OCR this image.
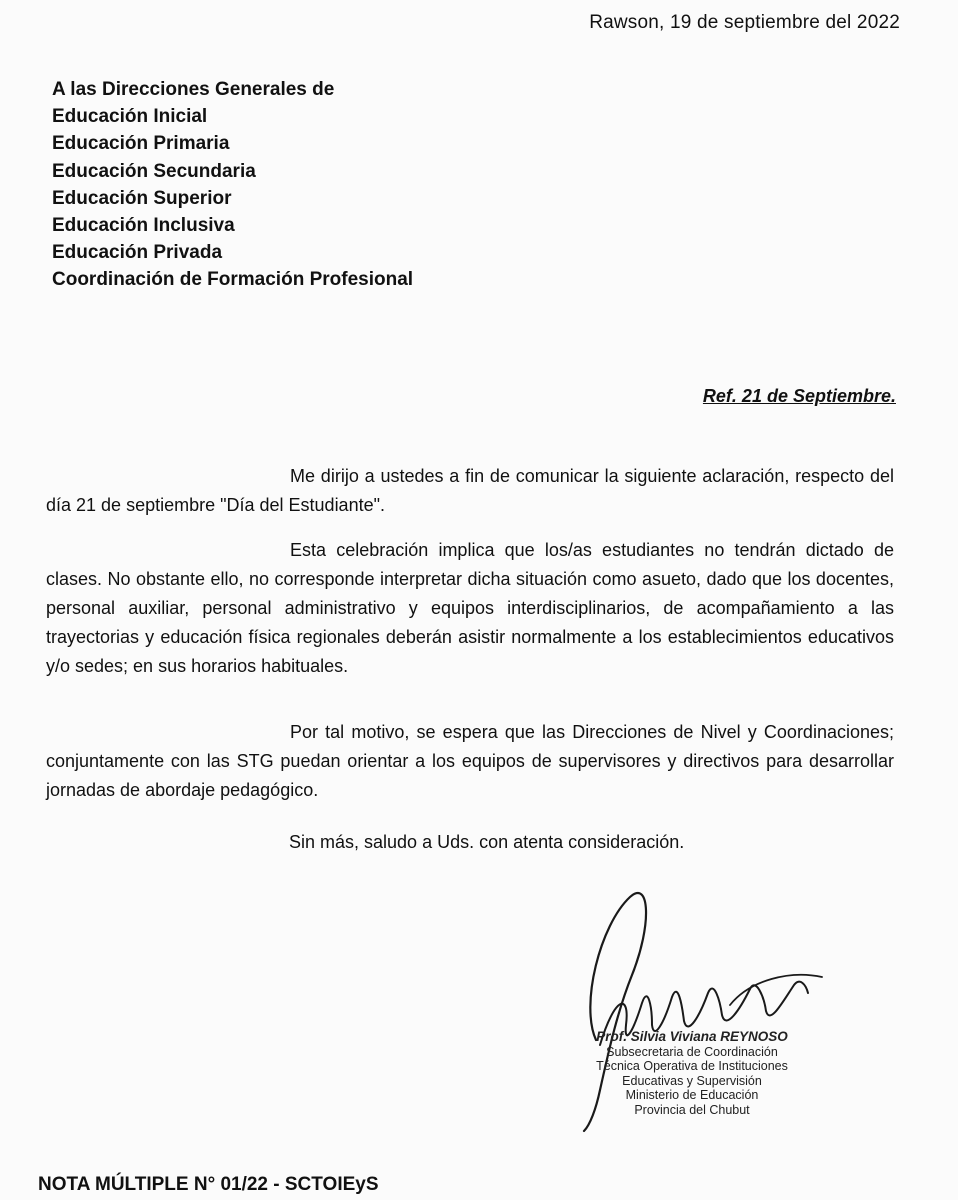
Rawson, 19 de septiembre del 2022
A las Direcciones Generales de
Educación Inicial
Educación Primaria
Educación Secundaria
Educación Superior
Educación Inclusiva
Educación Privada
Coordinación de Formación Profesional
Ref. 21 de Septiembre.
Me dirijo a ustedes a fin de comunicar la siguiente aclaración, respecto del día 21 de septiembre "Día del Estudiante".
Esta celebración implica que los/as estudiantes no tendrán dictado de clases. No obstante ello, no corresponde interpretar dicha situación como asueto, dado que los docentes, personal auxiliar, personal administrativo y equipos interdisciplinarios, de acompañamiento a las trayectorias y educación física regionales deberán asistir normalmente a los establecimientos educativos y/o sedes; en sus horarios habituales.
Por tal motivo, se espera que las Direcciones de Nivel y Coordinaciones; conjuntamente con las STG puedan orientar a los equipos de supervisores y directivos para desarrollar jornadas de abordaje pedagógico.
Sin más, saludo a Uds. con atenta consideración.
Prof. Silvia Viviana REYNOSO
Subsecretaria de Coordinación
Técnica Operativa de Instituciones
Educativas y Supervisión
Ministerio de Educación
Provincia del Chubut
NOTA MÚLTIPLE N° 01/22 - SCTOIEyS
